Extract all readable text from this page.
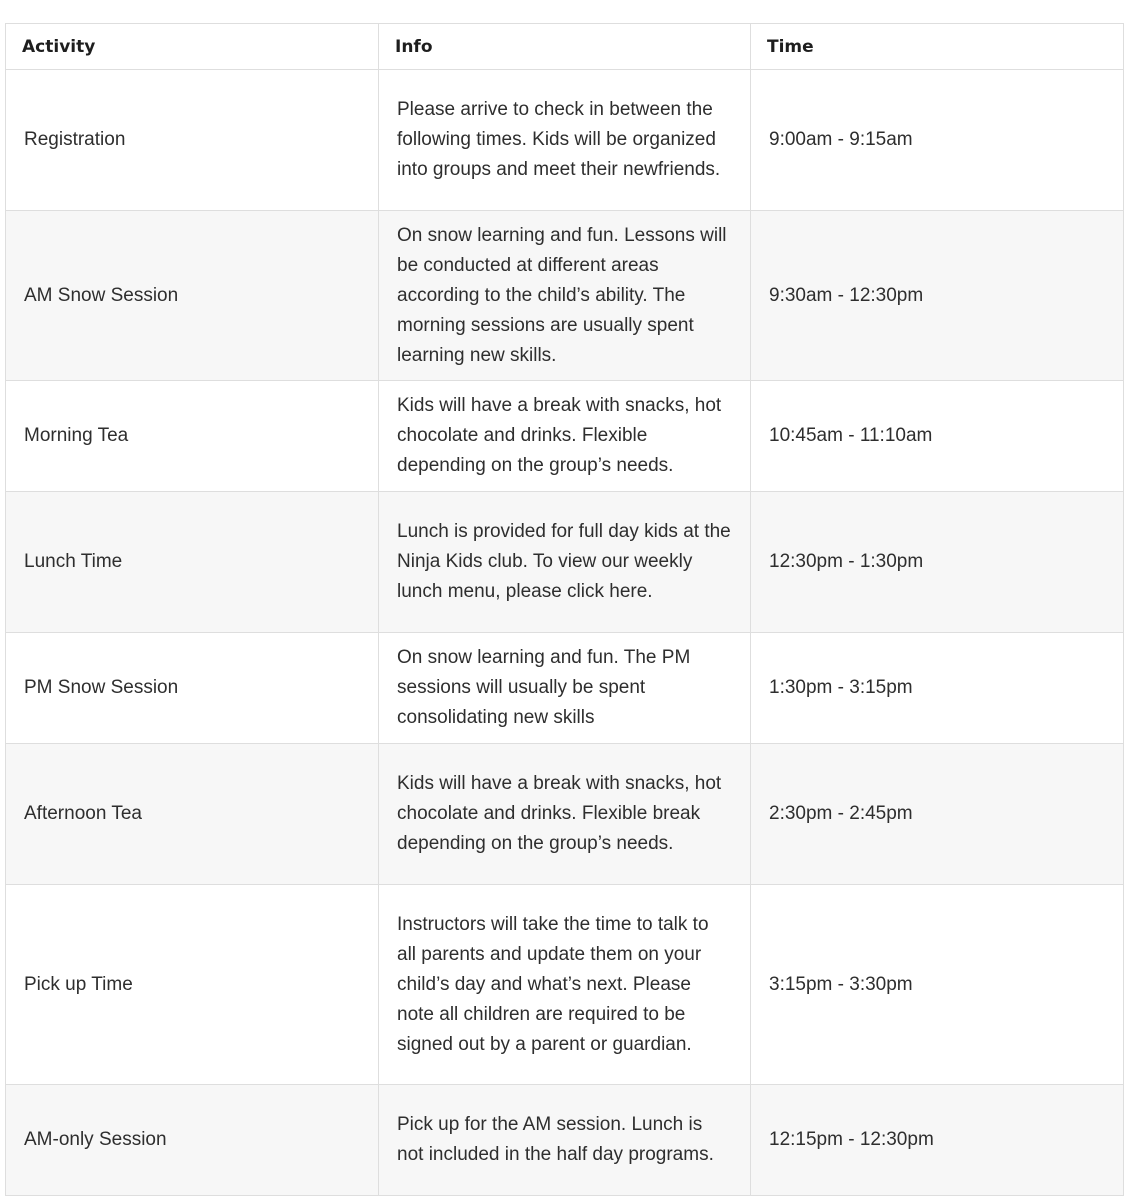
Activity	Info	Time
Registration	Please arrive to check in between the following times. Kids will be organized into groups and meet their newfriends.	9:00am - 9:15am
AM Snow Session	On snow learning and fun. Lessons will be conducted at different areas according to the child’s ability. The morning sessions are usually spent learning new skills.	9:30am - 12:30pm
Morning Tea	Kids will have a break with snacks, hot chocolate and drinks. Flexible depending on the group’s needs.	10:45am - 11:10am
Lunch Time	Lunch is provided for full day kids at the Ninja Kids club. To view our weekly lunch menu, please click here.	12:30pm - 1:30pm
PM Snow Session	On snow learning and fun. The PM sessions will usually be spent consolidating new skills	1:30pm - 3:15pm
Afternoon Tea	Kids will have a break with snacks, hot chocolate and drinks. Flexible break depending on the group’s needs.	2:30pm - 2:45pm
Pick up Time	Instructors will take the time to talk to all parents and update them on your child’s day and what’s next. Please note all children are required to be signed out by a parent or guardian.	3:15pm - 3:30pm
AM-only Session	Pick up for the AM session. Lunch is not included in the half day programs.	12:15pm - 12:30pm
